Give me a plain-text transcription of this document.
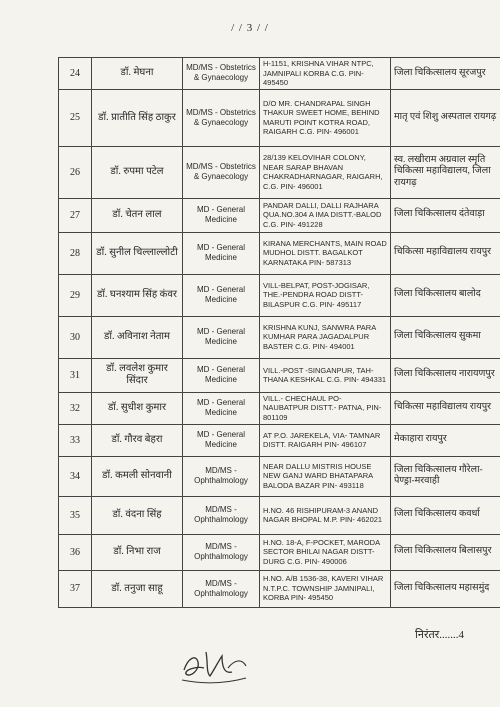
/ / 3 / /
24	डॉ. मेघना	MD/MS - Obstetrics & Gynaecology	H-1151, KRISHNA VIHAR NTPC, JAMNIPALI KORBA C.G. PIN- 495450	जिला चिकित्सालय सूरजपुर
25	डॉ. प्रातीति सिंह ठाकुर	MD/MS - Obstetrics & Gynaecology	D/O MR. CHANDRAPAL SINGH THAKUR SWEET HOME, BEHIND MARUTI POINT KOTRA ROAD, RAIGARH C.G. PIN- 496001	मातृ एवं शिशु अस्पताल रायगढ़
26	डॉ. रुपमा पटेल	MD/MS - Obstetrics & Gynaecology	28/139 KELOVIHAR COLONY, NEAR SARAP BHAVAN CHAKRADHARNAGAR, RAIGARH, C.G. PIN- 496001	स्व. लखीराम अग्रवाल स्मृति चिकित्सा महाविद्यालय, जिला रायगढ़
27	डॉ. चेतन लाल	MD - General Medicine	PANDAR DALLI, DALLI RAJHARA QUA.NO.304 A IMA DISTT.-BALOD C.G. PIN- 491228	जिला चिकित्सालय दंतेवाड़ा
28	डॉ. सुनील चिल्लाल्लोटी	MD - General Medicine	KIRANA MERCHANTS, MAIN ROAD MUDHOL DISTT. BAGALKOT KARNATAKA PIN- 587313	चिकित्सा महाविद्यालय रायपुर
29	डॉ. घनश्याम सिंह कंवर	MD - General Medicine	VILL-BELPAT, POST-JOGISAR, THE.-PENDRA ROAD DISTT-BILASPUR C.G. PIN- 495117	जिला चिकित्सालय बालोद
30	डॉ. अविनाश नेताम	MD - General Medicine	KRISHNA KUNJ, SANWRA PARA KUMHAR PARA JAGADALPUR BASTER C.G. PIN- 494001	जिला चिकित्सालय सुकमा
31	डॉ. लवलेश कुमार सिंदार	MD - General Medicine	VILL.-POST -SINGANPUR, TAH- THANA KESHKAL C.G. PIN- 494331	जिला चिकित्सालय नारायणपुर
32	डॉ. सुधीश कुमार	MD - General Medicine	VILL.- CHECHAUL PO-NAUBATPUR DISTT.- PATNA, PIN- 801109	चिकित्सा महाविद्यालय रायपुर
33	डॉ. गौरव बेहरा	MD - General Medicine	AT P.O. JAREKELA, VIA- TAMNAR DISTT. RAIGARH PIN- 496107	मेकाहारा रायपुर
34	डॉ. कमली सोनवानी	MD/MS - Ophthalmology	NEAR DALLU MISTRIS HOUSE NEW GANJ WARD BHATAPARA BALODA BAZAR PIN- 493118	जिला चिकित्सालय गौरेला-पेण्ड्रा-मरवाही
35	डॉ. वंदना सिंह	MD/MS - Ophthalmology	H.NO. 46 RISHIPURAM-3 ANAND NAGAR BHOPAL M.P. PIN- 462021	जिला चिकित्सालय कवर्धा
36	डॉ. निभा राज	MD/MS - Ophthalmology	H.NO. 18-A, F-POCKET, MARODA SECTOR BHILAI NAGAR DISTT-DURG C.G. PIN- 490006	जिला चिकित्सालय बिलासपुर
37	डॉ. तनुजा साहू	MD/MS - Ophthalmology	H.NO. A/B 1536-38, KAVERI VIHAR N.T.P.C. TOWNSHIP JAMNIPALI, KORBA PIN- 495450	जिला चिकित्सालय महासमुंद
निरंतर.......4
